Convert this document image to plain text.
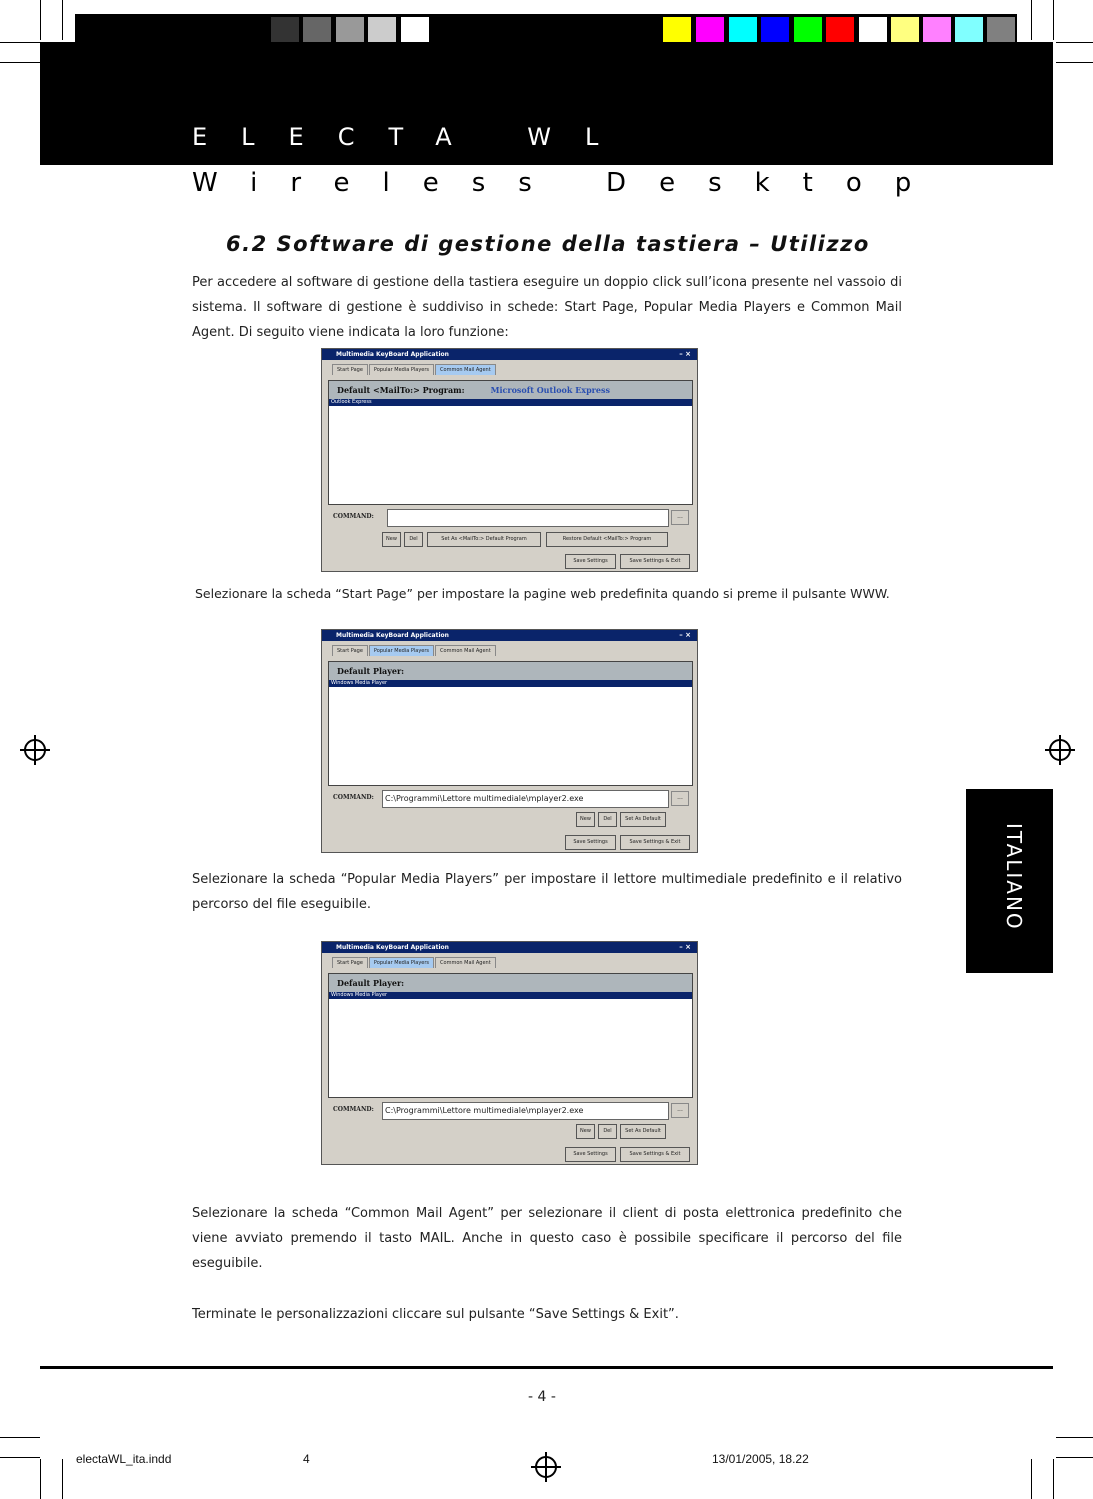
ELECTA WL
Wireless Desktop
6.2 Software di gestione della tastiera – Utilizzo
Per accedere al software di gestione della tastiera eseguire un doppio click sull’icona presente nel vassoio di sistema. Il software di gestione è suddiviso in schede: Start Page, Popular Media Players e Common Mail Agent. Di seguito viene indicata la loro funzione:
Multimedia KeyBoard Application	– ×
Start Page	Popular Media Players	Common Mail Agent
Default <MailTo:> Program:	Microsoft Outlook Express
Outlook Express
COMMAND:	...
New	Del	Set As <MailTo:> Default Program	Restore Default <MailTo:> Program
Save Settings	Save Settings & Exit
Selezionare la scheda “Start Page” per impostare la pagine web predefinita quando si preme il pulsante WWW.
Multimedia KeyBoard Application	– ×
Start Page	Popular Media Players	Common Mail Agent
Default Player:
Windows Media Player
COMMAND:	C:\Programmi\Lettore multimediale\mplayer2.exe	...
New	Del	Set As Default
Save Settings	Save Settings & Exit
Selezionare la scheda “Popular Media Players” per impostare il lettore multimediale predefinito e il relativo percorso del file eseguibile.
Multimedia KeyBoard Application	– ×
Start Page	Popular Media Players	Common Mail Agent
Default Player:
Windows Media Player
COMMAND:	C:\Programmi\Lettore multimediale\mplayer2.exe	...
New	Del	Set As Default
Save Settings	Save Settings & Exit
Selezionare la scheda “Common Mail Agent” per selezionare il client di posta elettronica predefinito che viene avviato premendo il tasto MAIL. Anche in questo caso è possibile specificare il percorso del file eseguibile.
Terminate le personalizzazioni cliccare sul pulsante “Save Settings & Exit”.
ITALIANO
- 4 -
electaWL_ita.indd	4	13/01/2005, 18.22
